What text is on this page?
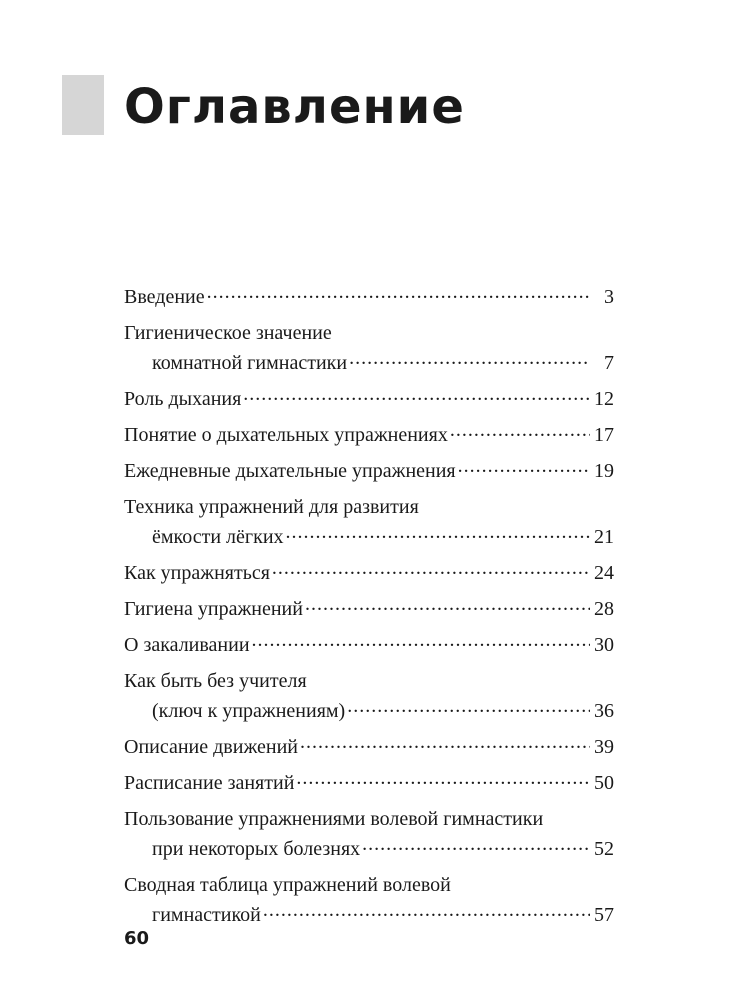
Оглавление
Введение .....	3
Гигиеническое значение
комнатной гимнастики .....	7
Роль дыхания .....	12
Понятие о дыхательных упражнениях .....	17
Ежедневные дыхательные упражнения .....	19
Техника упражнений для развития
ёмкости лёгких .....	21
Как упражняться .....	24
Гигиена упражнений .....	28
О закаливании .....	30
Как быть без учителя
(ключ к упражнениям) .....	36
Описание движений .....	39
Расписание занятий .....	50
Пользование упражнениями волевой гимнастики
при некоторых болезнях .....	52
Сводная таблица упражнений волевой
гимнастикой .....	57
60
